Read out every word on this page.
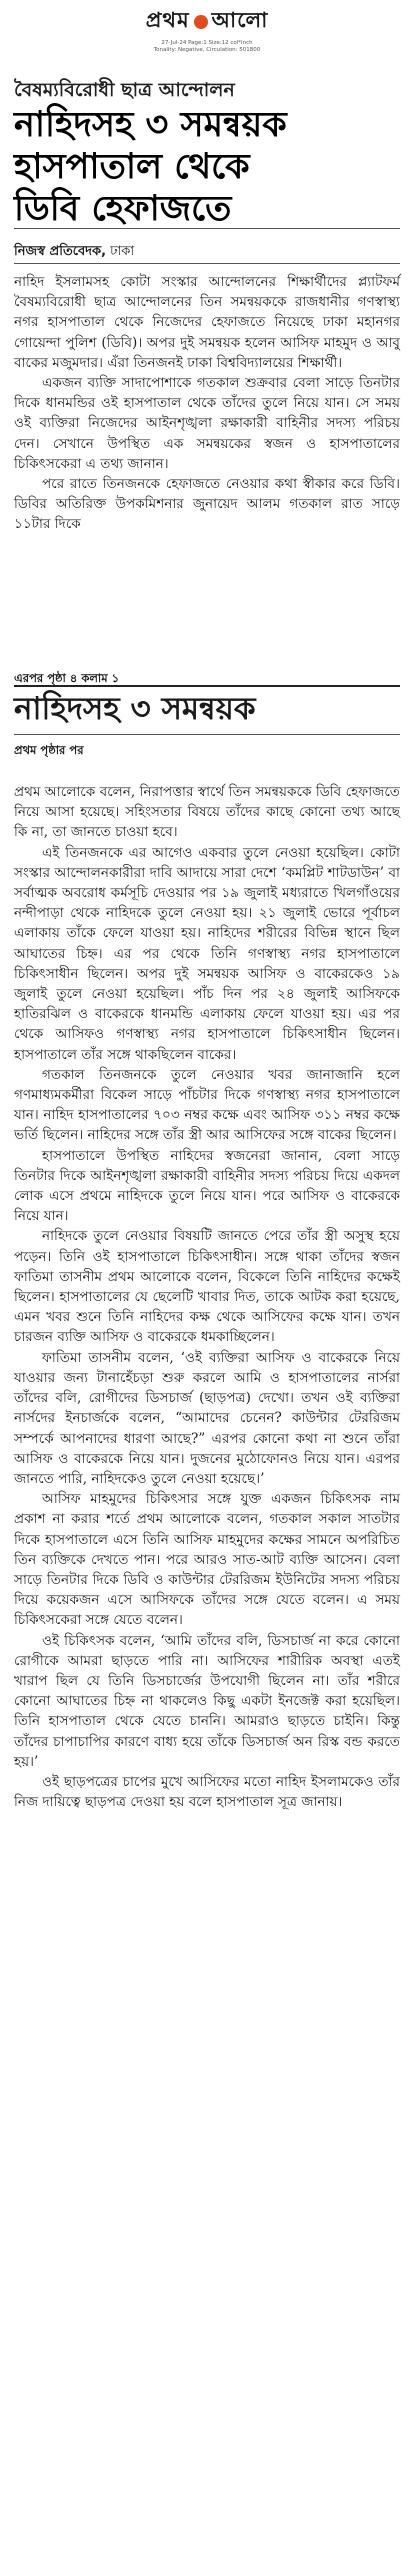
প্রথম আলো
27-Jul-24 Page:1 Size:12 col*inch
Tonality: Negative, Circulation: 501800
বৈষম্যবিরোধী ছাত্র আন্দোলন
নাহিদসহ ৩ সমন্বয়ক
হাসপাতাল থেকে
ডিবি হেফাজতে
নিজস্ব প্রতিবেদক, ঢাকা

নাহিদ ইসলামসহ কোটা সংস্কার আন্দোলনের শিক্ষার্থীদের প্ল্যাটফর্ম বৈষম্যবিরোধী ছাত্র আন্দোলনের তিন সমন্বয়ককে রাজধানীর গণস্বাস্থ্য নগর হাসপাতাল থেকে নিজেদের হেফাজতে নিয়েছে ঢাকা মহানগর গোয়েন্দা পুলিশ (ডিবি)। অপর দুই সমন্বয়ক হলেন আসিফ মাহমুদ ও আবু বাকের মজুমদার। এঁরা তিনজনই ঢাকা বিশ্ববিদ্যালয়ের শিক্ষার্থী।

একজন ব্যক্তি সাদাপোশাকে গতকাল শুক্রবার বেলা সাড়ে তিনটার দিকে ধানমন্ডির ওই হাসপাতাল থেকে তাঁদের তুলে নিয়ে যান। সে সময় ওই ব্যক্তিরা নিজেদের আইনশৃঙ্খলা রক্ষাকারী বাহিনীর সদস্য পরিচয় দেন। সেখানে উপস্থিত এক সমন্বয়কের স্বজন ও হাসপাতালের চিকিৎসকেরা এ তথ্য জানান।

পরে রাতে তিনজনকে হেফাজতে নেওয়ার কথা স্বীকার করে ডিবি। ডিবির অতিরিক্ত উপকমিশনার জুনায়েদ আলম গতকাল রাত সাড়ে ১১টার দিকে

এরপর পৃষ্ঠা ৪ কলাম ১
নাহিদসহ ৩ সমন্বয়ক
প্রথম পৃষ্ঠার পর

প্রথম আলোকে বলেন, নিরাপত্তার স্বার্থে তিন সমন্বয়ককে ডিবি হেফাজতে নিয়ে আসা হয়েছে। সহিংসতার বিষয়ে তাঁদের কাছে কোনো তথ্য আছে কি না, তা জানতে চাওয়া হবে।

এই তিনজনকে এর আগেও একবার তুলে নেওয়া হয়েছিল। কোটা সংস্কার আন্দোলনকারীরা দাবি আদায়ে সারা দেশে ‘কমপ্লিট শাটডাউন’ বা সর্বাত্মক অবরোধ কর্মসূচি দেওয়ার পর ১৯ জুলাই মধ্যরাতে খিলগাঁওয়ের নন্দীপাড়া থেকে নাহিদকে তুলে নেওয়া হয়। ২১ জুলাই ভোরে পূর্বাচল এলাকায় তাঁকে ফেলে যাওয়া হয়। নাহিদের শরীরের বিভিন্ন স্থানে ছিল আঘাতের চিহ্ন। এর পর থেকে তিনি গণস্বাস্থ্য নগর হাসপাতালে চিকিৎসাধীন ছিলেন। অপর দুই সমন্বয়ক আসিফ ও বাকেরকেও ১৯ জুলাই তুলে নেওয়া হয়েছিল। পাঁচ দিন পর ২৪ জুলাই আসিফকে হাতিরঝিল ও বাকেরকে ধানমন্ডি এলাকায় ফেলে যাওয়া হয়। এর পর থেকে আসিফও গণস্বাস্থ্য নগর হাসপাতালে চিকিৎসাধীন ছিলেন। হাসপাতালে তাঁর সঙ্গে থাকছিলেন বাকের।

গতকাল তিনজনকে তুলে নেওয়ার খবর জানাজানি হলে গণমাধ্যমকর্মীরা বিকেল সাড়ে পাঁচটার দিকে গণস্বাস্থ্য নগর হাসপাতালে যান। নাহিদ হাসপাতালের ৭০৩ নম্বর কক্ষে এবং আসিফ ৩১১ নম্বর কক্ষে ভর্তি ছিলেন। নাহিদের সঙ্গে তাঁর স্ত্রী আর আসিফের সঙ্গে বাকের ছিলেন।

হাসপাতালে উপস্থিত নাহিদের স্বজনেরা জানান, বেলা সাড়ে তিনটার দিকে আইনশৃঙ্খলা রক্ষাকারী বাহিনীর সদস্য পরিচয় দিয়ে একদল লোক এসে প্রথমে নাহিদকে তুলে নিয়ে যান। পরে আসিফ ও বাকেরকে নিয়ে যান।

নাহিদকে তুলে নেওয়ার বিষয়টি জানতে পেরে তাঁর স্ত্রী অসুস্থ হয়ে পড়েন। তিনি ওই হাসপাতালে চিকিৎসাধীন। সঙ্গে থাকা তাঁদের স্বজন ফাতিমা তাসনীম প্রথম আলোকে বলেন, বিকেলে তিনি নাহিদের কক্ষেই ছিলেন। হাসপাতালের যে ছেলেটি খাবার দিত, তাকে আটক করা হয়েছে, এমন খবর শুনে তিনি নাহিদের কক্ষ থেকে আসিফের কক্ষে যান। তখন চারজন ব্যক্তি আসিফ ও বাকেরকে ধমকাচ্ছিলেন।

ফাতিমা তাসনীম বলেন, ‘ওই ব্যক্তিরা আসিফ ও বাকেরকে নিয়ে যাওয়ার জন্য টানাহেঁচড়া শুরু করলে আমি ও হাসপাতালের নার্সরা তাঁদের বলি, রোগীদের ডিসচার্জ (ছাড়পত্র) দেখো। তখন ওই ব্যক্তিরা নার্সদের ইনচার্জকে বলেন, “আমাদের চেনেন? কাউন্টার টেররিজম সম্পর্কে আপনাদের ধারণা আছে?” এরপর কোনো কথা না শুনে তাঁরা আসিফ ও বাকেরকে নিয়ে যান। দুজনের মুঠোফোনও নিয়ে যান। এরপর জানতে পারি, নাহিদকেও তুলে নেওয়া হয়েছে।’

আসিফ মাহমুদের চিকিৎসার সঙ্গে যুক্ত একজন চিকিৎসক নাম প্রকাশ না করার শর্তে প্রথম আলোকে বলেন, গতকাল সকাল সাতটার দিকে হাসপাতালে এসে তিনি আসিফ মাহমুদের কক্ষের সামনে অপরিচিত তিন ব্যক্তিকে দেখতে পান। পরে আরও সাত-আট ব্যক্তি আসেন। বেলা সাড়ে তিনটার দিকে ডিবি ও কাউন্টার টেররিজম ইউনিটের সদস্য পরিচয় দিয়ে কয়েকজন এসে আসিফকে তাঁদের সঙ্গে যেতে বলেন। এ সময় চিকিৎসকেরা সঙ্গে যেতে বলেন।

ওই চিকিৎসক বলেন, ‘আমি তাঁদের বলি, ডিসচার্জ না করে কোনো রোগীকে আমরা ছাড়তে পারি না। আসিফের শারীরিক অবস্থা এতই খারাপ ছিল যে তিনি ডিসচার্জের উপযোগী ছিলেন না। তাঁর শরীরে কোনো আঘাতের চিহ্ন না থাকলেও কিছু একটা ইনজেক্ট করা হয়েছিল। তিনি হাসপাতাল থেকে যেতে চাননি। আমরাও ছাড়তে চাইনি। কিন্তু তাঁদের চাপাচাপির কারণে বাধ্য হয়ে তাঁকে ডিসচার্জ অন রিস্ক বন্ড করতে হয়।’

ওই ছাড়পত্রের চাপের মুখে আসিফের মতো নাহিদ ইসলামকেও তাঁর নিজ দায়িত্বে ছাড়পত্র দেওয়া হয় বলে হাসপাতাল সূত্র জানায়।
